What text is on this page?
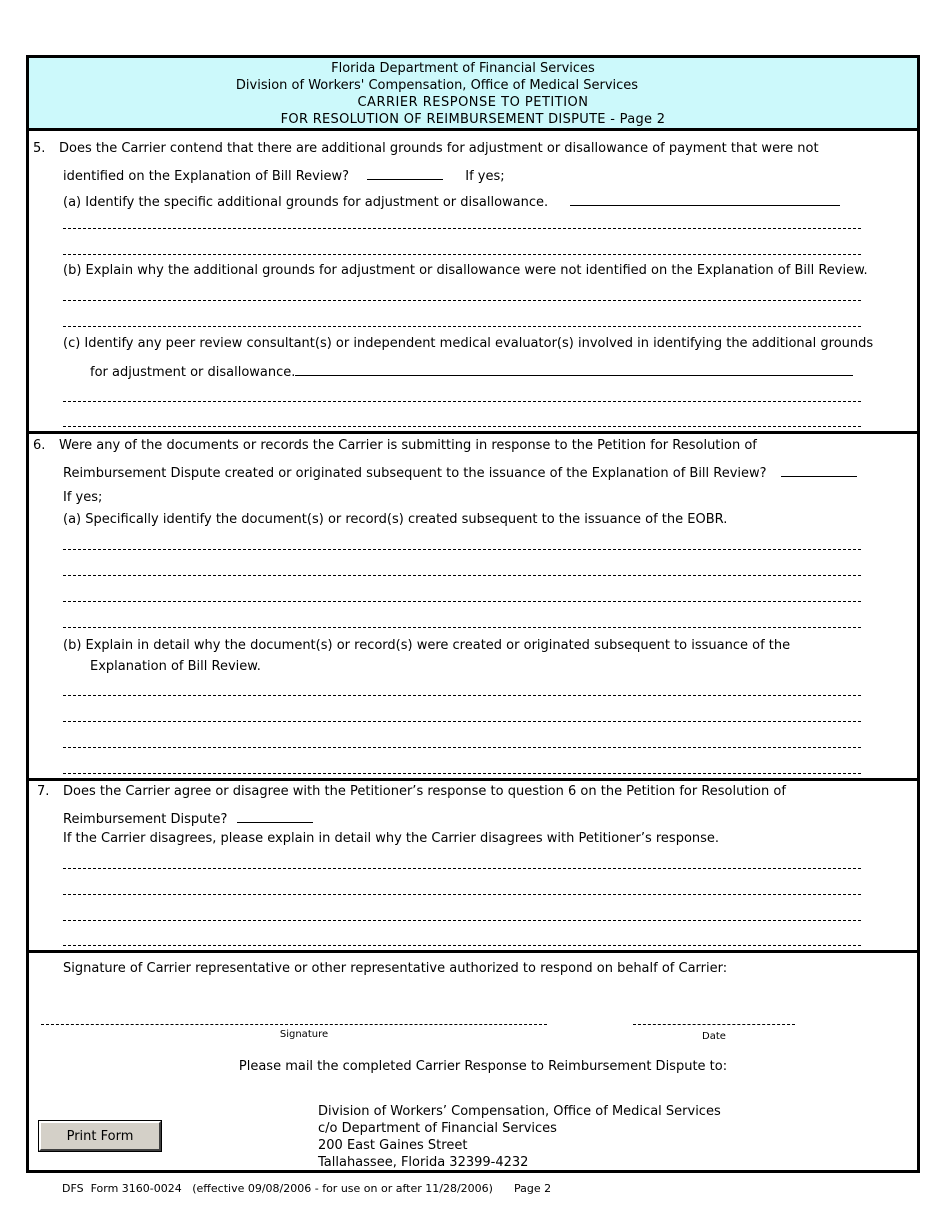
Florida Department of Financial Services
Division of Workers' Compensation, Office of Medical Services
CARRIER RESPONSE TO PETITION
FOR RESOLUTION OF REIMBURSEMENT DISPUTE - Page 2
5. Does the Carrier contend that there are additional grounds for adjustment or disallowance of payment that were not
identified on the Explanation of Bill Review?	If yes;
(a) Identify the specific additional grounds for adjustment or disallowance.
(b) Explain why the additional grounds for adjustment or disallowance were not identified on the Explanation of Bill Review.
(c) Identify any peer review consultant(s) or independent medical evaluator(s) involved in identifying the additional grounds
for adjustment or disallowance.
6. Were any of the documents or records the Carrier is submitting in response to the Petition for Resolution of
Reimbursement Dispute created or originated subsequent to the issuance of the Explanation of Bill Review?
If yes;
(a) Specifically identify the document(s) or record(s) created subsequent to the issuance of the EOBR.
(b) Explain in detail why the document(s) or record(s) were created or originated subsequent to issuance of the
Explanation of Bill Review.
7. Does the Carrier agree or disagree with the Petitioner’s response to question 6 on the Petition for Resolution of
Reimbursement Dispute?
If the Carrier disagrees, please explain in detail why the Carrier disagrees with Petitioner’s response.
Signature of Carrier representative or other representative authorized to respond on behalf of Carrier:
Signature	Date
Please mail the completed Carrier Response to Reimbursement Dispute to:
Division of Workers’ Compensation, Office of Medical Services
c/o Department of Financial Services
200 East Gaines Street
Tallahassee, Florida 32399-4232
Print Form
DFS  Form 3160-0024 (effective 09/08/2006 - for use on or after 11/28/2006) Page 2
